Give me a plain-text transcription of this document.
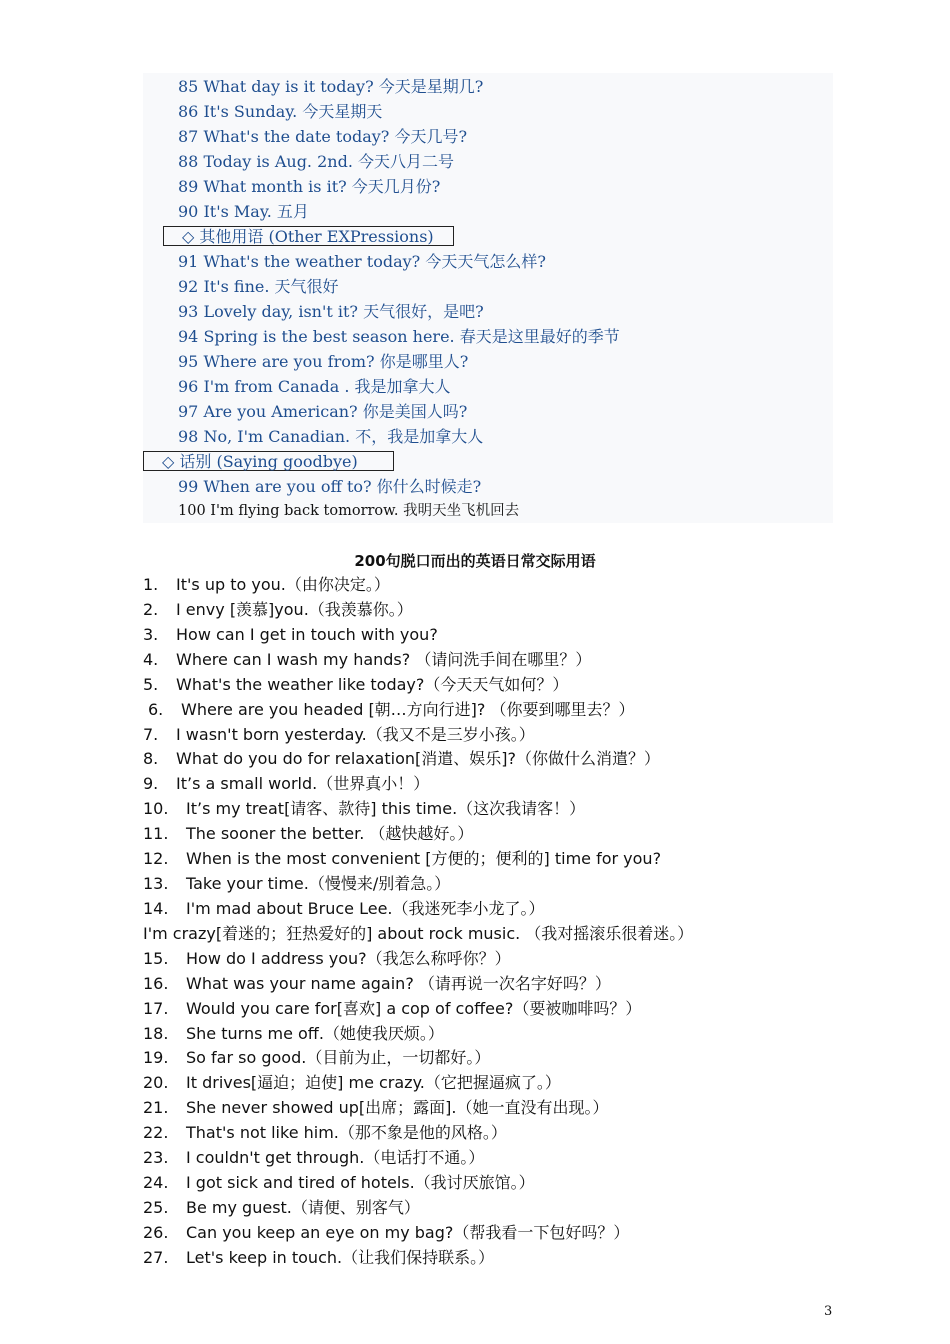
85 What day is it today? 今天是星期几?
86 It's Sunday. 今天星期天
87 What's the date today? 今天几号?
88 Today is Aug. 2nd. 今天八月二号
89 What month is it? 今天几月份?
90 It's May. 五月
◇ 其他用语 (Other EXPressions)
91 What's the weather today? 今天天气怎么样?
92 It's fine. 天气很好
93 Lovely day, isn't it? 天气很好，是吧?
94 Spring is the best season here. 春天是这里最好的季节
95 Where are you from? 你是哪里人?
96 I'm from Canada . 我是加拿大人
97 Are you American? 你是美国人吗?
98 No, I'm Canadian. 不，我是加拿大人
◇ 话别 (Saying goodbye)
99 When are you off to? 你什么时候走?
100 I'm flying back tomorrow. 我明天坐飞机回去
200句脱口而出的英语日常交际用语
1. It's up to you.（由你决定。）
2. I envy [羡慕]you.（我羡慕你。）
3. How can I get in touch with you?
4. Where can I wash my hands? （请问洗手间在哪里？）
5. What's the weather like today?（今天天气如何？）
6. Where are you headed [朝…方向行进]? （你要到哪里去？）
7. I wasn't born yesterday.（我又不是三岁小孩。）
8. What do you do for relaxation[消遣、娱乐]?（你做什么消遣？）
9. It’s a small world.（世界真小！）
10. It’s my treat[请客、款待] this time.（这次我请客！）
11. The sooner the better. （越快越好。）
12. When is the most convenient [方便的；便利的] time for you?
13. Take your time.（慢慢来/别着急。）
14. I'm mad about Bruce Lee.（我迷死李小龙了。）
I'm crazy[着迷的；狂热爱好的] about rock music. （我对摇滚乐很着迷。）
15. How do I address you?（我怎么称呼你？）
16. What was your name again? （请再说一次名字好吗？）
17. Would you care for[喜欢] a cop of coffee?（要被咖啡吗？）
18. She turns me off.（她使我厌烦。）
19. So far so good.（目前为止，一切都好。）
20. It drives[逼迫；迫使] me crazy.（它把握逼疯了。）
21. She never showed up[出席；露面].（她一直没有出现。）
22. That's not like him.（那不象是他的风格。）
23. I couldn't get through.（电话打不通。）
24. I got sick and tired of hotels.（我讨厌旅馆。）
25. Be my guest.（请便、别客气）
26. Can you keep an eye on my bag?（帮我看一下包好吗？）
27. Let's keep in touch.（让我们保持联系。）
3
